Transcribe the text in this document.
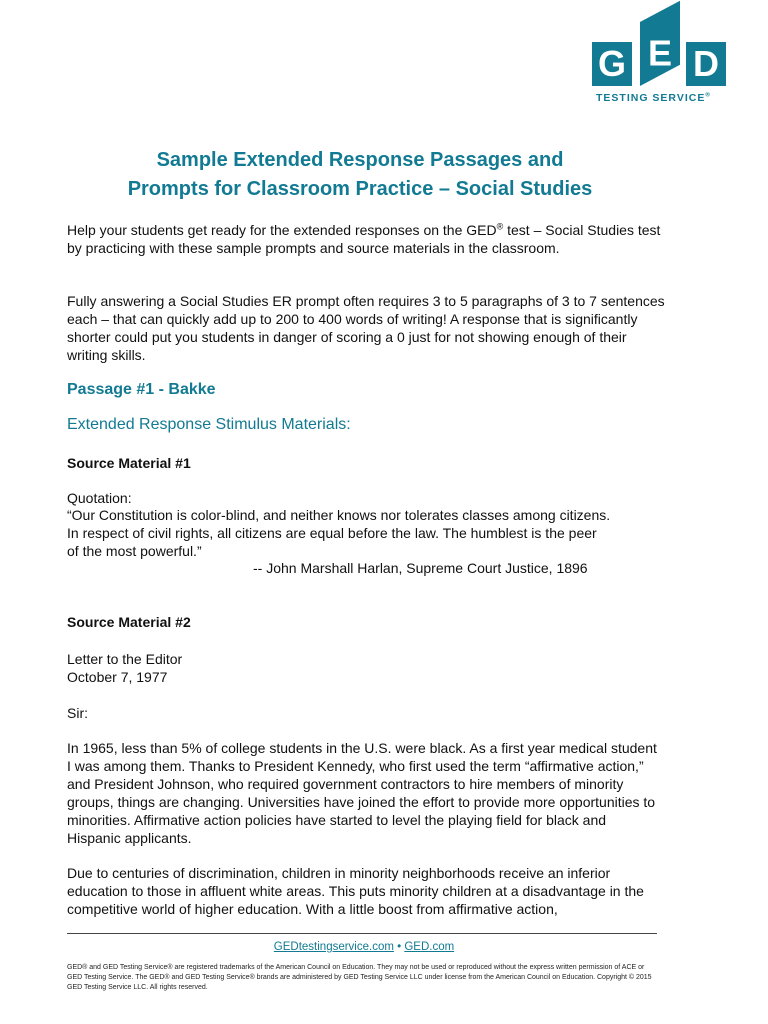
G E D
TESTING SERVICE®
Sample Extended Response Passages and
Prompts for Classroom Practice – Social Studies

Help your students get ready for the extended responses on the GED® test – Social Studies test by practicing with these sample prompts and source materials in the classroom.

Fully answering a Social Studies ER prompt often requires 3 to 5 paragraphs of 3 to 7 sentences each – that can quickly add up to 200 to 400 words of writing! A response that is significantly shorter could put you students in danger of scoring a 0 just for not showing enough of their writing skills.

Passage #1 - Bakke
Extended Response Stimulus Materials:
Source Material #1
Quotation:
“Our Constitution is color-blind, and neither knows nor tolerates classes among citizens.
In respect of civil rights, all citizens are equal before the law. The humblest is the peer
of the most powerful.”
-- John Marshall Harlan, Supreme Court Justice, 1896
Source Material #2
Letter to the Editor
October 7, 1977
Sir:

In 1965, less than 5% of college students in the U.S. were black. As a first year medical student I was among them. Thanks to President Kennedy, who first used the term “affirmative action,” and President Johnson, who required government contractors to hire members of minority groups, things are changing. Universities have joined the effort to provide more opportunities to minorities. Affirmative action policies have started to level the playing field for black and Hispanic applicants.

Due to centuries of discrimination, children in minority neighborhoods receive an inferior education to those in affluent white areas. This puts minority children at a disadvantage in the competitive world of higher education. With a little boost from affirmative action,

GEDtestingservice.com • GED.com
GED® and GED Testing Service® are registered trademarks of the American Council on Education. They may not be used or reproduced without the express written permission of ACE or GED Testing Service. The GED® and GED Testing Service® brands are administered by GED Testing Service LLC under license from the American Council on Education. Copyright © 2015 GED Testing Service LLC. All rights reserved.
